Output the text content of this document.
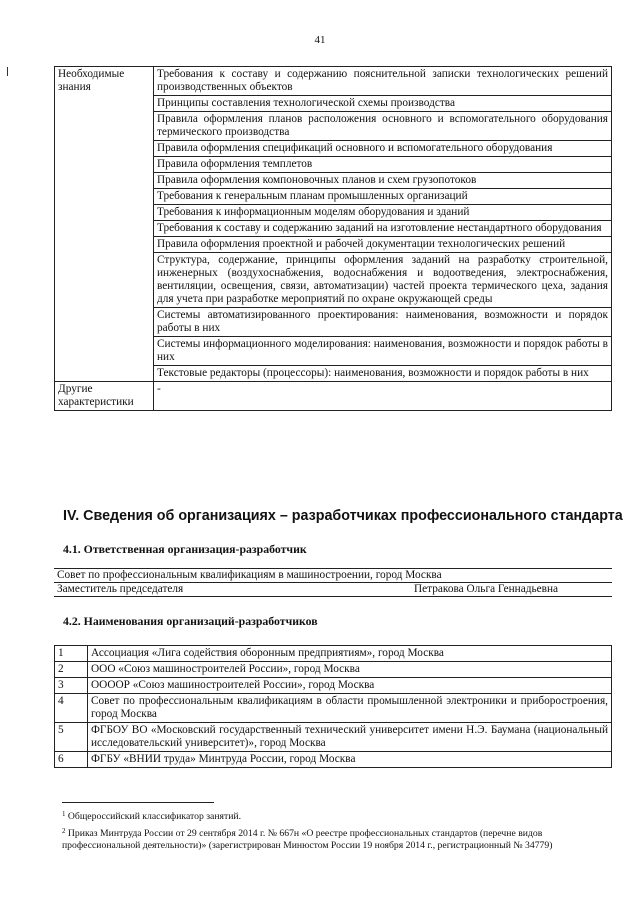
41
Необходимые знания	Требования к составу и содержанию пояснительной записки технологических решений производственных объектов
	Принципы составления технологической схемы производства
	Правила оформления планов расположения основного и вспомогательного оборудования термического производства
	Правила оформления спецификаций основного и вспомогательного оборудования
	Правила оформления темплетов
	Правила оформления компоновочных планов и схем грузопотоков
	Требования к генеральным планам промышленных организаций
	Требования к информационным моделям оборудования и зданий
	Требования к составу и содержанию заданий на изготовление нестандартного оборудования
	Правила оформления проектной и рабочей документации технологических решений
	Структура, содержание, принципы оформления заданий на разработку строительной, инженерных (воздухоснабжения, водоснабжения и водоотведения, электроснабжения, вентиляции, освещения, связи, автоматизации) частей проекта термического цеха, задания для учета при разработке мероприятий по охране окружающей среды
	Системы автоматизированного проектирования: наименования, возможности и порядок работы в них
	Системы информационного моделирования: наименования, возможности и порядок работы в них
	Текстовые редакторы (процессоры): наименования, возможности и порядок работы в них
Другие характеристики	-
IV. Сведения об организациях – разработчиках профессионального стандарта
4.1. Ответственная организация-разработчик
Совет по профессиональным квалификациям в машиностроении, город Москва
Заместитель председателя	Петракова Ольга Геннадьевна
4.2. Наименования организаций-разработчиков
1	Ассоциация «Лига содействия оборонным предприятиям», город Москва
2	ООО «Союз машиностроителей России», город Москва
3	ООООР «Союз машиностроителей России», город Москва
4	Совет по профессиональным квалификациям в области промышленной электроники и приборостроения, город Москва
5	ФГБОУ ВО «Московский государственный технический университет имени Н.Э. Баумана (национальный исследовательский университет)», город Москва
6	ФГБУ «ВНИИ труда» Минтруда России, город Москва

$^1$ Общероссийский классификатор занятий.

$^2$ Приказ Минтруда России от 29 сентября 2014 г. № 667н «О реестре профессиональных стандартов (перечне видов профессиональной деятельности)» (зарегистрирован Минюстом России 19 ноября 2014 г., регистрационный № 34779)
